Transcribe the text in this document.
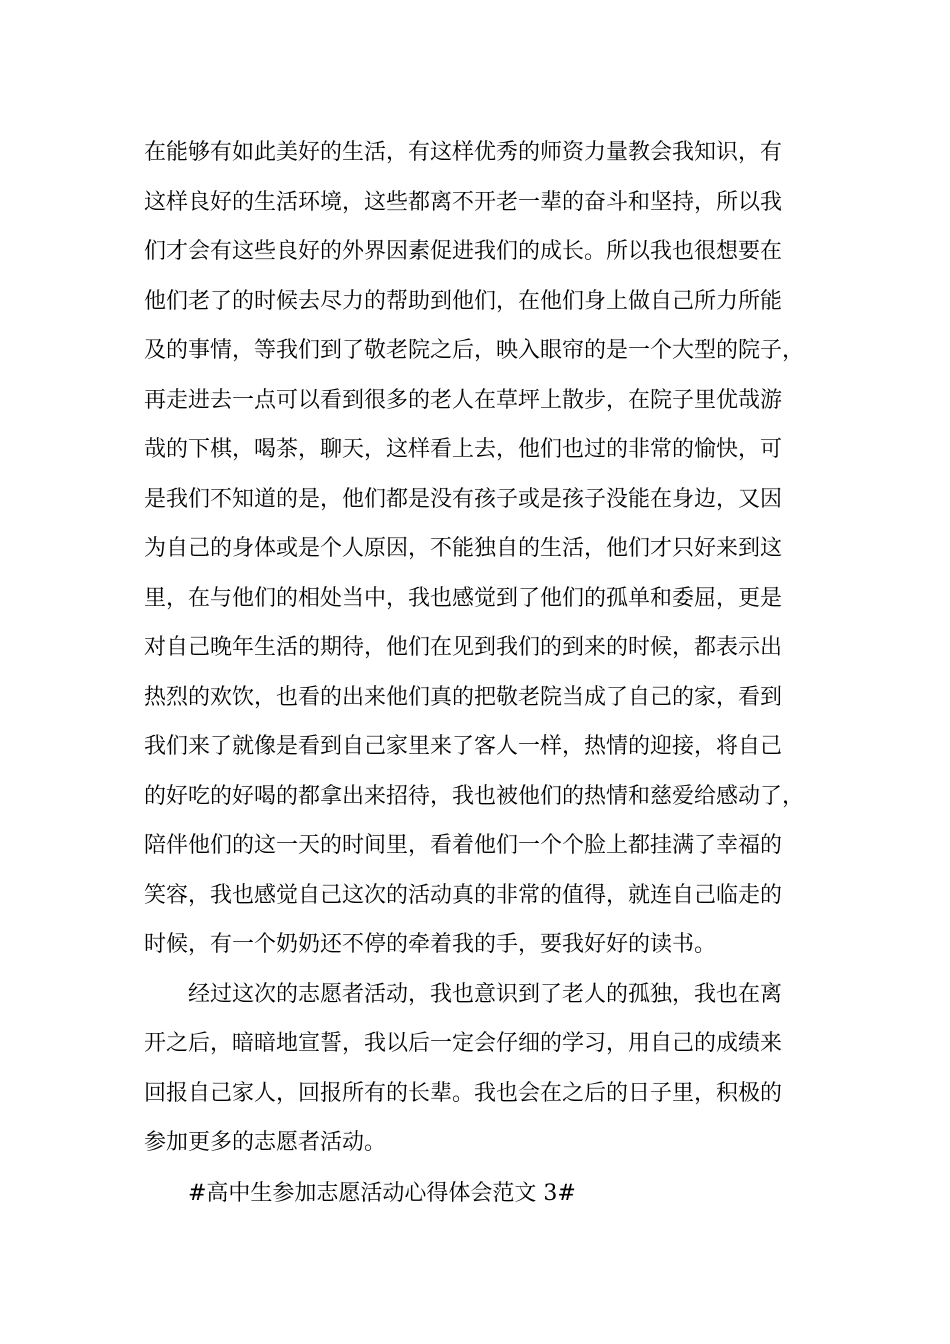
在能够有如此美好的生活，有这样优秀的师资力量教会我知识，有
这样良好的生活环境，这些都离不开老一辈的奋斗和坚持，所以我
们才会有这些良好的外界因素促进我们的成长。所以我也很想要在
他们老了的时候去尽力的帮助到他们，在他们身上做自己所力所能
及的事情，等我们到了敬老院之后，映入眼帘的是一个大型的院子，
再走进去一点可以看到很多的老人在草坪上散步，在院子里优哉游
哉的下棋，喝茶，聊天，这样看上去，他们也过的非常的愉快，可
是我们不知道的是，他们都是没有孩子或是孩子没能在身边，又因
为自己的身体或是个人原因，不能独自的生活，他们才只好来到这
里，在与他们的相处当中，我也感觉到了他们的孤单和委屈，更是
对自己晚年生活的期待，他们在见到我们的到来的时候，都表示出
热烈的欢饮，也看的出来他们真的把敬老院当成了自己的家，看到
我们来了就像是看到自己家里来了客人一样，热情的迎接，将自己
的好吃的好喝的都拿出来招待，我也被他们的热情和慈爱给感动了，
陪伴他们的这一天的时间里，看着他们一个个脸上都挂满了幸福的
笑容，我也感觉自己这次的活动真的非常的值得，就连自己临走的
时候，有一个奶奶还不停的牵着我的手，要我好好的读书。
经过这次的志愿者活动，我也意识到了老人的孤独，我也在离
开之后，暗暗地宣誓，我以后一定会仔细的学习，用自己的成绩来
回报自己家人，回报所有的长辈。我也会在之后的日子里，积极的
参加更多的志愿者活动。
#高中生参加志愿活动心得体会范文 3#
